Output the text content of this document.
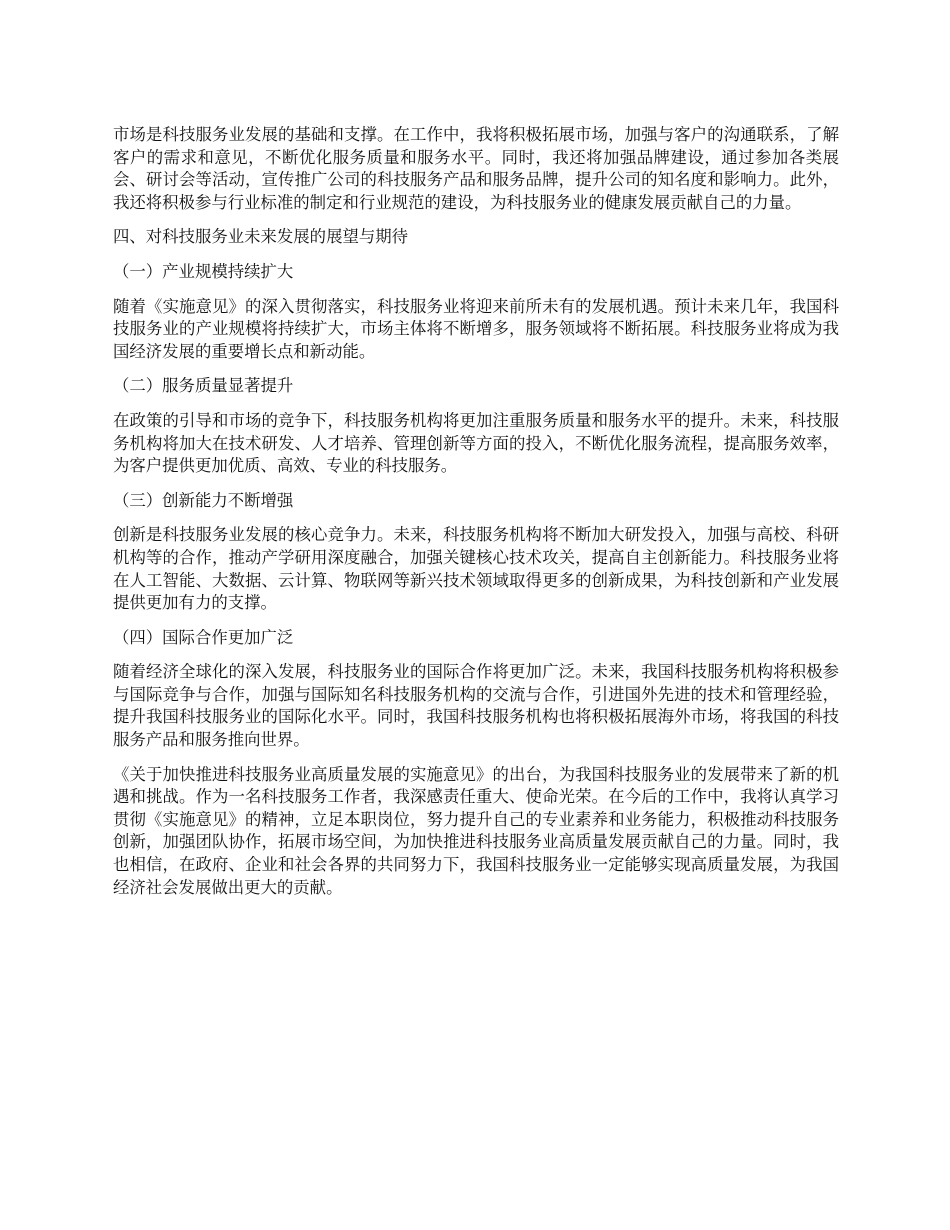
市场是科技服务业发展的基础和支撑。在工作中，我将积极拓展市场，加强与客户的沟通联系，了解客户的需求和意见，不断优化服务质量和服务水平。同时，我还将加强品牌建设，通过参加各类展会、研讨会等活动，宣传推广公司的科技服务产品和服务品牌，提升公司的知名度和影响力。此外，我还将积极参与行业标准的制定和行业规范的建设，为科技服务业的健康发展贡献自己的力量。

四、对科技服务业未来发展的展望与期待

（一）产业规模持续扩大

随着《实施意见》的深入贯彻落实，科技服务业将迎来前所未有的发展机遇。预计未来几年，我国科技服务业的产业规模将持续扩大，市场主体将不断增多，服务领域将不断拓展。科技服务业将成为我国经济发展的重要增长点和新动能。

（二）服务质量显著提升

在政策的引导和市场的竞争下，科技服务机构将更加注重服务质量和服务水平的提升。未来，科技服务机构将加大在技术研发、人才培养、管理创新等方面的投入，不断优化服务流程，提高服务效率，为客户提供更加优质、高效、专业的科技服务。

（三）创新能力不断增强

创新是科技服务业发展的核心竞争力。未来，科技服务机构将不断加大研发投入，加强与高校、科研机构等的合作，推动产学研用深度融合，加强关键核心技术攻关，提高自主创新能力。科技服务业将在人工智能、大数据、云计算、物联网等新兴技术领域取得更多的创新成果，为科技创新和产业发展提供更加有力的支撑。

（四）国际合作更加广泛

随着经济全球化的深入发展，科技服务业的国际合作将更加广泛。未来，我国科技服务机构将积极参与国际竞争与合作，加强与国际知名科技服务机构的交流与合作，引进国外先进的技术和管理经验，提升我国科技服务业的国际化水平。同时，我国科技服务机构也将积极拓展海外市场，将我国的科技服务产品和服务推向世界。

《关于加快推进科技服务业高质量发展的实施意见》的出台，为我国科技服务业的发展带来了新的机遇和挑战。作为一名科技服务工作者，我深感责任重大、使命光荣。在今后的工作中，我将认真学习贯彻《实施意见》的精神，立足本职岗位，努力提升自己的专业素养和业务能力，积极推动科技服务创新，加强团队协作，拓展市场空间，为加快推进科技服务业高质量发展贡献自己的力量。同时，我也相信，在政府、企业和社会各界的共同努力下，我国科技服务业一定能够实现高质量发展，为我国经济社会发展做出更大的贡献。
